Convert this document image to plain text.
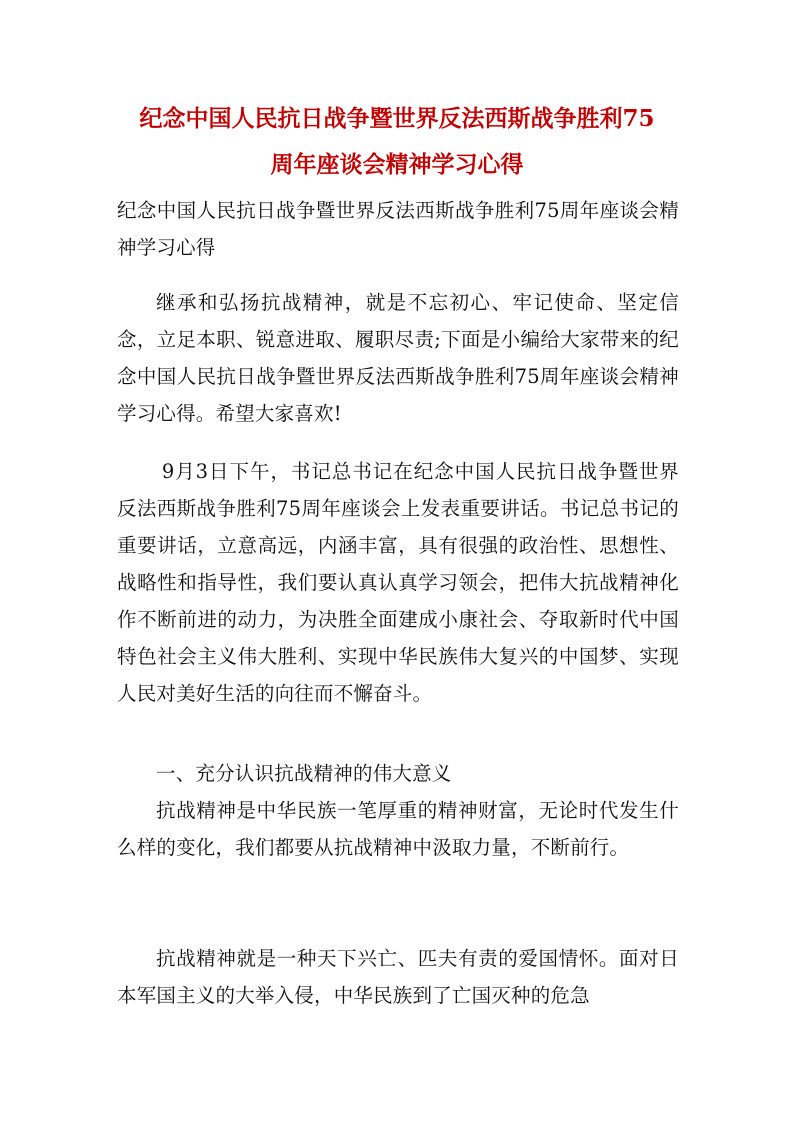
纪念中国人民抗日战争暨世界反法西斯战争胜利75
周年座谈会精神学习心得

纪念中国人民抗日战争暨世界反法西斯战争胜利75周年座谈会精神学习心得

继承和弘扬抗战精神，就是不忘初心、牢记使命、坚定信念，立足本职、锐意进取、履职尽责;下面是小编给大家带来的纪念中国人民抗日战争暨世界反法西斯战争胜利75周年座谈会精神学习心得。希望大家喜欢!

9月3日下午，书记总书记在纪念中国人民抗日战争暨世界反法西斯战争胜利75周年座谈会上发表重要讲话。书记总书记的重要讲话，立意高远，内涵丰富，具有很强的政治性、思想性、战略性和指导性，我们要认真认真学习领会，把伟大抗战精神化作不断前进的动力，为决胜全面建成小康社会、夺取新时代中国特色社会主义伟大胜利、实现中华民族伟大复兴的中国梦、实现人民对美好生活的向往而不懈奋斗。

一、充分认识抗战精神的伟大意义

抗战精神是中华民族一笔厚重的精神财富，无论时代发生什么样的变化，我们都要从抗战精神中汲取力量，不断前行。

抗战精神就是一种天下兴亡、匹夫有责的爱国情怀。面对日本军国主义的大举入侵，中华民族到了亡国灭种的危急
